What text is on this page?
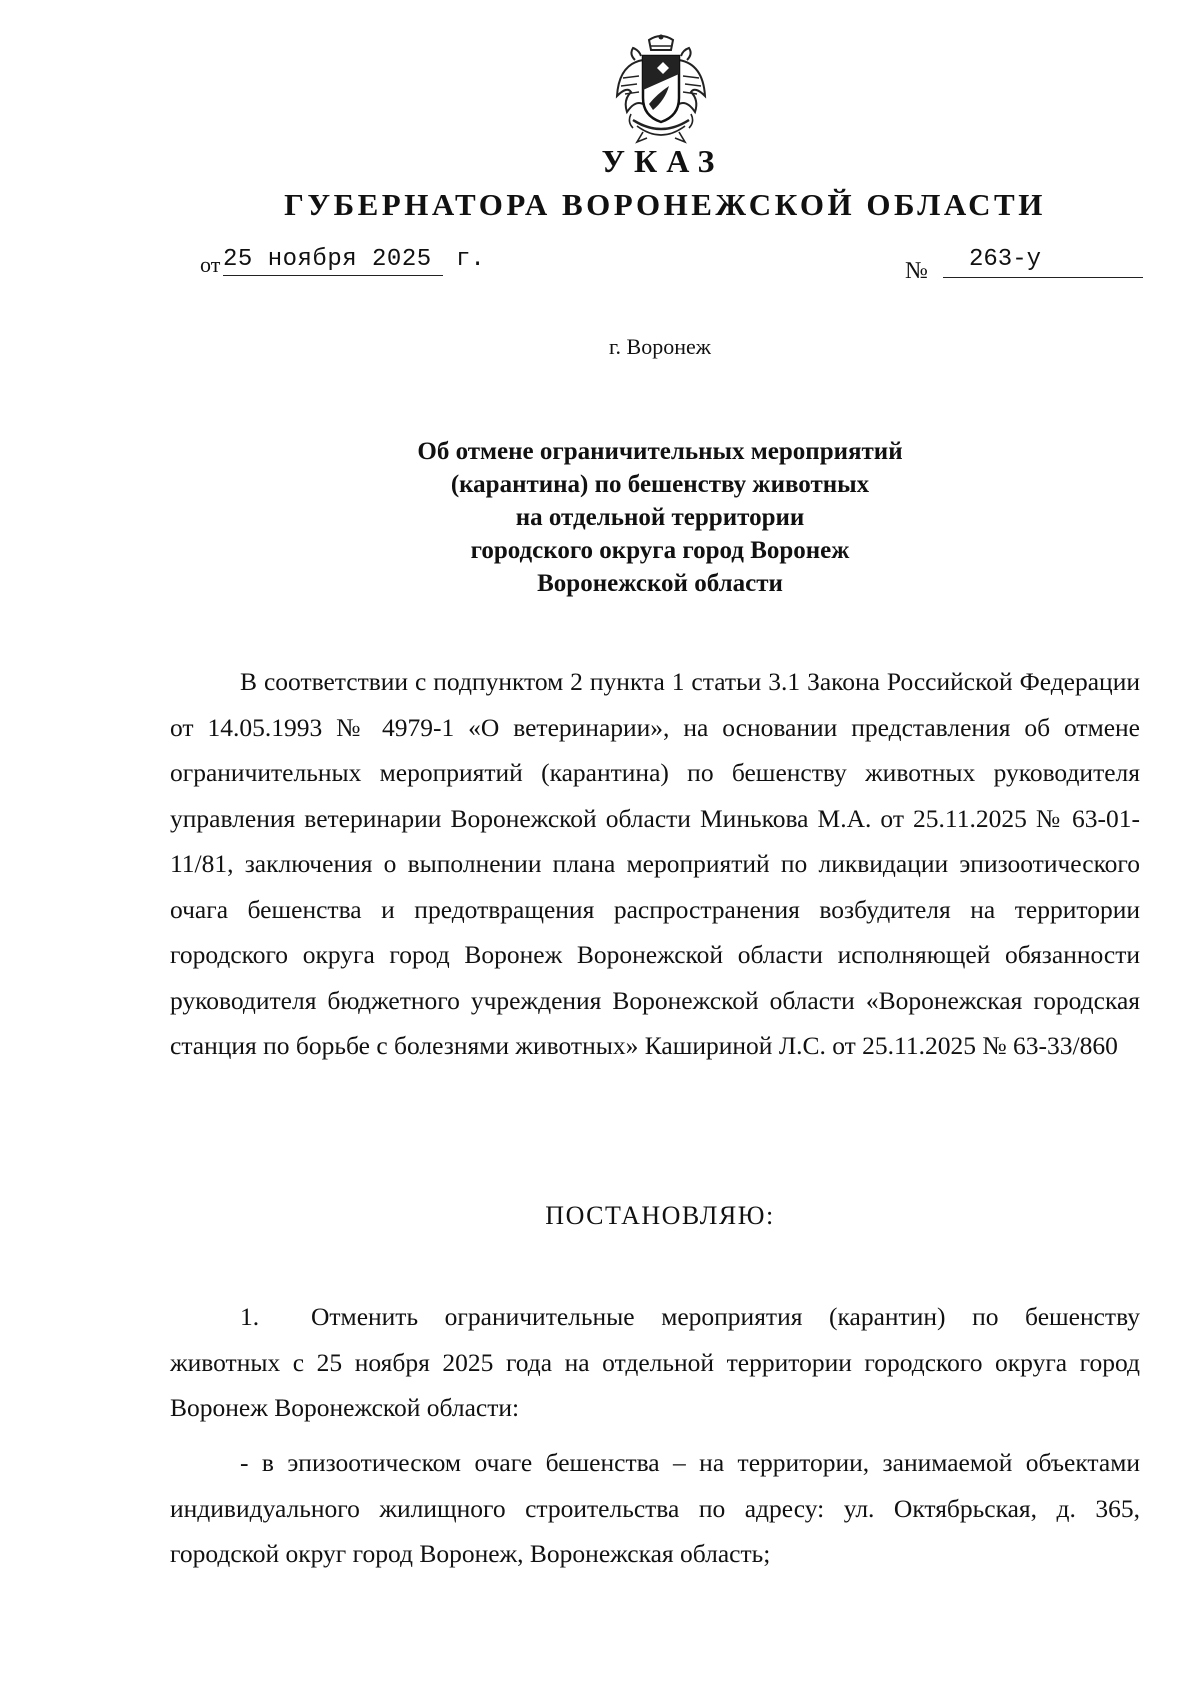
УКАЗ
ГУБЕРНАТОРА ВОРОНЕЖСКОЙ ОБЛАСТИ
от 25 ноября 2025	г.	№	263-у
г. Воронеж
Об отмене ограничительных мероприятий
(карантина) по бешенству животных
на отдельной территории
городского округа город Воронеж
Воронежской области

В соответствии с подпунктом 2 пункта 1 статьи 3.1 Закона Российской Федерации от 14.05.1993 № 4979-1 «О ветеринарии», на основании представления об отмене ограничительных мероприятий (карантина) по бешенству животных руководителя управления ветеринарии Воронежской области Минькова М.А. от 25.11.2025 № 63-01-11/81, заключения о выполнении плана мероприятий по ликвидации эпизоотического очага бешенства и предотвращения распространения возбудителя на территории городского округа город Воронеж Воронежской области исполняющей обязанности руководителя бюджетного учреждения Воронежской области «Воронежская городская станция по борьбе с болезнями животных» Кашириной Л.С. от 25.11.2025 № 63-33/860

ПОСТАНОВЛЯЮ:

1. Отменить ограничительные мероприятия (карантин) по бешенству животных с 25 ноября 2025 года на отдельной территории городского округа город Воронеж Воронежской области:

- в эпизоотическом очаге бешенства – на территории, занимаемой объектами индивидуального жилищного строительства по адресу: ул. Октябрьская, д. 365, городской округ город Воронеж, Воронежская область;
